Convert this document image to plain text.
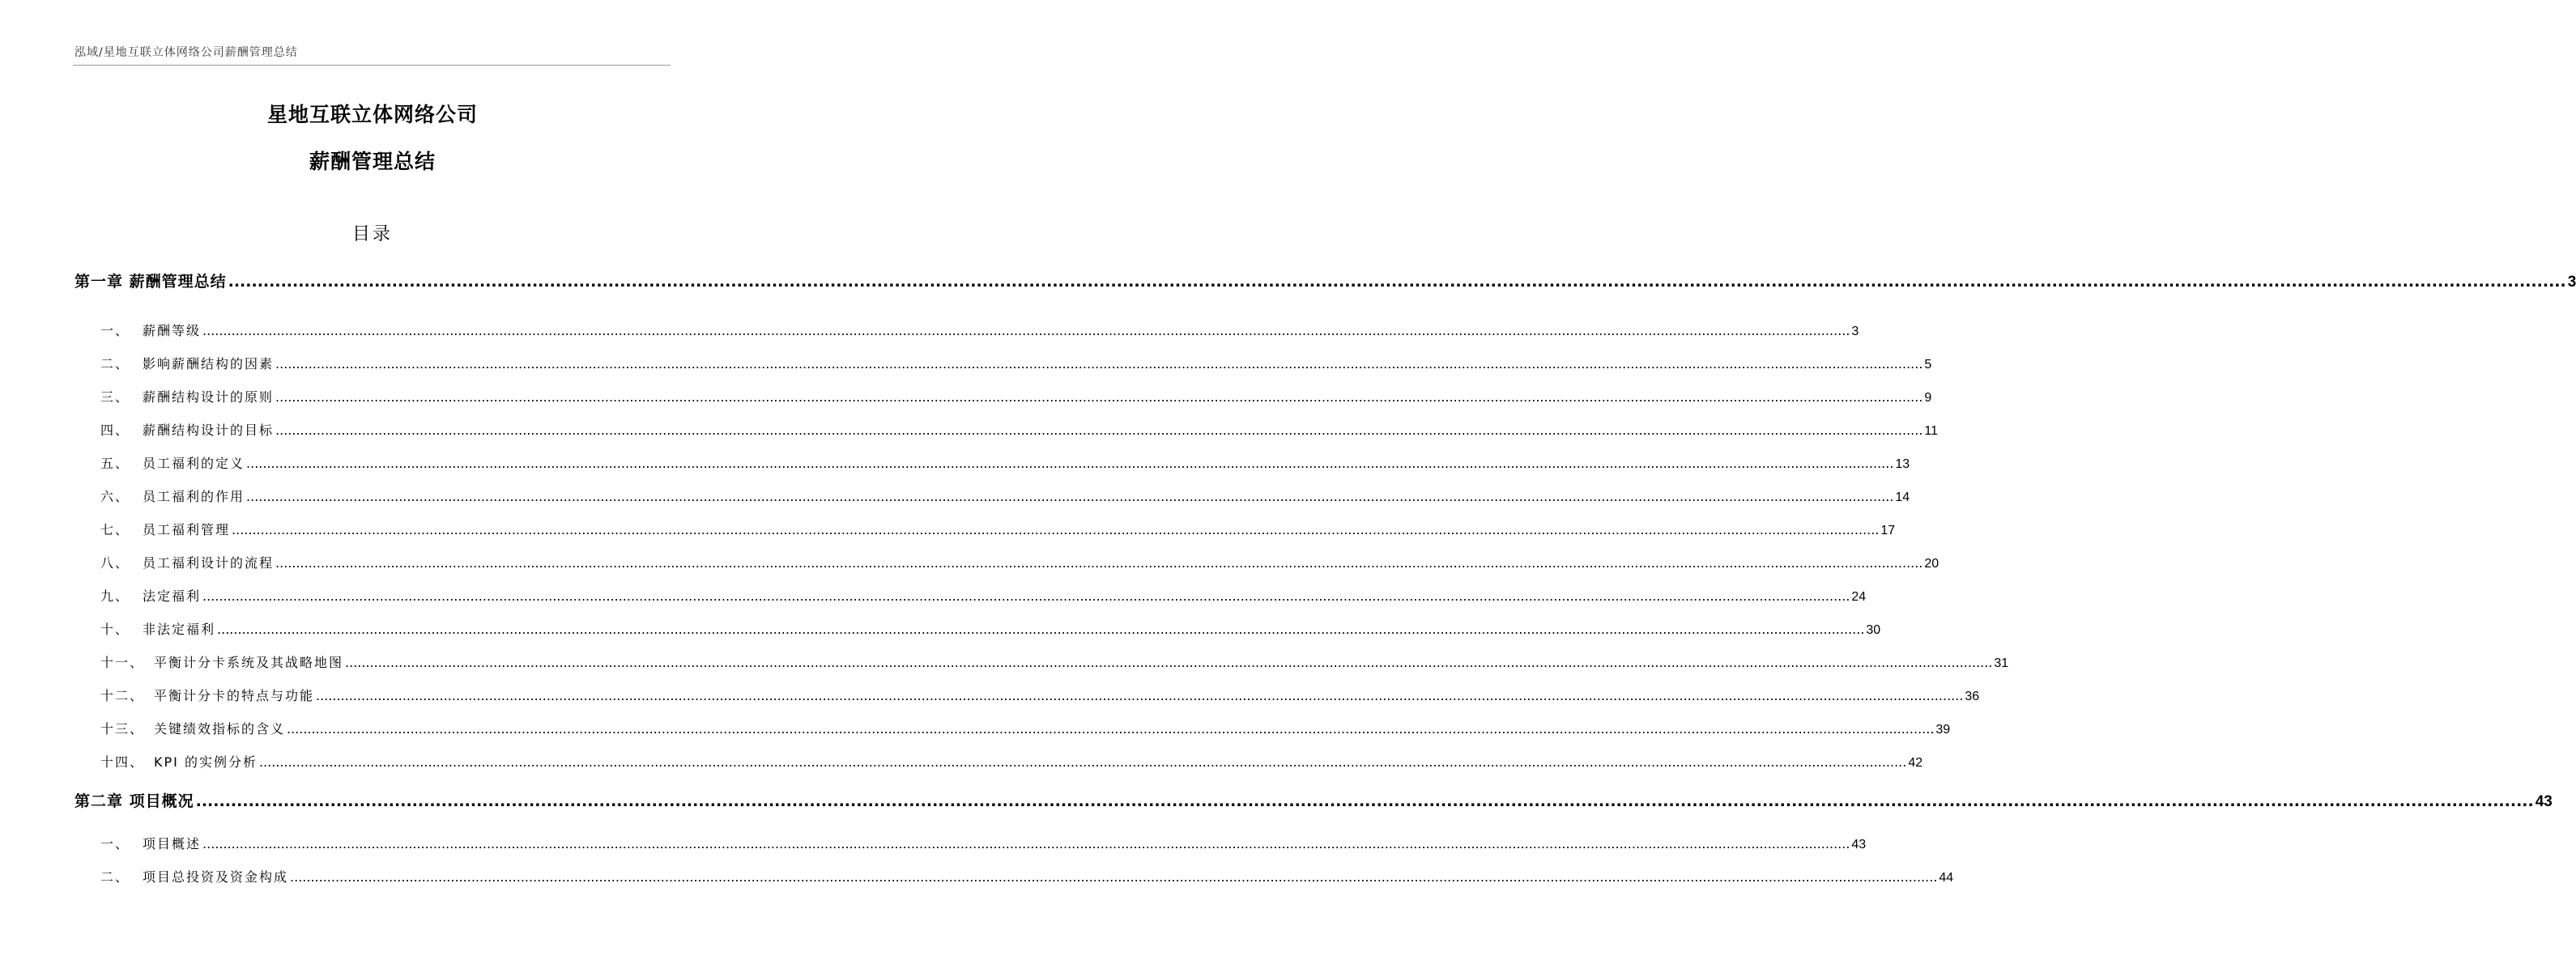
泓域/星地互联立体网络公司薪酬管理总结
星地互联立体网络公司
薪酬管理总结
目录
第一章 薪酬管理总结 ................................................................................................................................................................................................................................................................................................................................................................................................................ 3
一、 薪酬等级 ................................................................................................................................................................................................................................................................................................................................................................................................................ 3
二、 影响薪酬结构的因素 ................................................................................................................................................................................................................................................................................................................................................................................................................ 5
三、 薪酬结构设计的原则 ................................................................................................................................................................................................................................................................................................................................................................................................................ 9
四、 薪酬结构设计的目标 ................................................................................................................................................................................................................................................................................................................................................................................................................ 11
五、 员工福利的定义 ................................................................................................................................................................................................................................................................................................................................................................................................................ 13
六、 员工福利的作用 ................................................................................................................................................................................................................................................................................................................................................................................................................ 14
七、 员工福利管理 ................................................................................................................................................................................................................................................................................................................................................................................................................ 17
八、 员工福利设计的流程 ................................................................................................................................................................................................................................................................................................................................................................................................................ 20
九、 法定福利 ................................................................................................................................................................................................................................................................................................................................................................................................................ 24
十、 非法定福利 ................................................................................................................................................................................................................................................................................................................................................................................................................ 30
十一、 平衡计分卡系统及其战略地图 ................................................................................................................................................................................................................................................................................................................................................................................................................ 31
十二、 平衡计分卡的特点与功能 ................................................................................................................................................................................................................................................................................................................................................................................................................ 36
十三、 关键绩效指标的含义 ................................................................................................................................................................................................................................................................................................................................................................................................................ 39
十四、 KPI 的实例分析 ................................................................................................................................................................................................................................................................................................................................................................................................................ 42
第二章 项目概况 ................................................................................................................................................................................................................................................................................................................................................................................................................ 43
一、 项目概述 ................................................................................................................................................................................................................................................................................................................................................................................................................ 43
二、 项目总投资及资金构成 ................................................................................................................................................................................................................................................................................................................................................................................................................ 44
